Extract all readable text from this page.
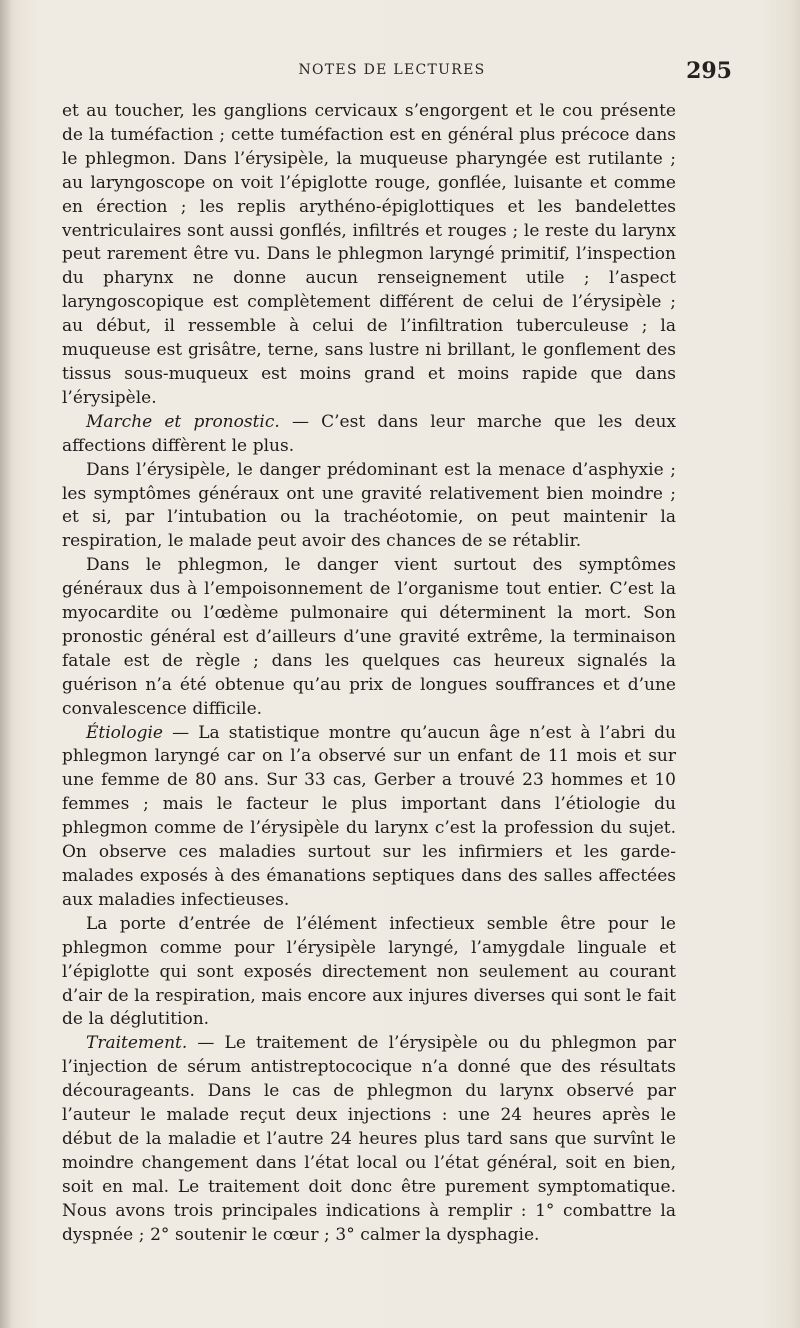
NOTES DE LECTURES	295

et au toucher, les ganglions cervicaux s’engorgent et le cou présente de la tuméfaction ; cette tuméfaction est en général plus précoce dans le phlegmon. Dans l’érysipèle, la muqueuse pharyngée est rutilante ; au laryngoscope on voit l’épiglotte rouge, gonflée, luisante et comme en érection ; les replis arythéno-épiglottiques et les bandelettes ventriculaires sont aussi gonflés, infiltrés et rouges ; le reste du larynx peut rarement être vu. Dans le phlegmon laryngé primitif, l’inspection du pharynx ne donne aucun renseignement utile ; l’aspect laryngoscopique est complètement différent de celui de l’érysipèle ; au début, il ressemble à celui de l’infiltration tuberculeuse ; la muqueuse est grisâtre, terne, sans lustre ni brillant, le gonflement des tissus sous-muqueux est moins grand et moins rapide que dans l’érysipèle.

Marche et pronostic. — C’est dans leur marche que les deux affections diffèrent le plus.

Dans l’érysipèle, le danger prédominant est la menace d’asphyxie ; les symptômes généraux ont une gravité relativement bien moindre ; et si, par l’intubation ou la trachéotomie, on peut maintenir la respiration, le malade peut avoir des chances de se rétablir.

Dans le phlegmon, le danger vient surtout des symptômes généraux dus à l’empoisonnement de l’organisme tout entier. C’est la myocardite ou l’œdème pulmonaire qui déterminent la mort. Son pronostic général est d’ailleurs d’une gravité extrême, la terminaison fatale est de règle ; dans les quelques cas heureux signalés la guérison n’a été obtenue qu’au prix de longues souffrances et d’une convalescence difficile.

Étiologie — La statistique montre qu’aucun âge n’est à l’abri du phlegmon laryngé car on l’a observé sur un enfant de 11 mois et sur une femme de 80 ans. Sur 33 cas, Gerber a trouvé 23 hommes et 10 femmes ; mais le facteur le plus important dans l’étiologie du phlegmon comme de l’érysipèle du larynx c’est la profession du sujet. On observe ces maladies surtout sur les infirmiers et les garde-malades exposés à des émanations septiques dans des salles affectées aux maladies infectieuses.

La porte d’entrée de l’élément infectieux semble être pour le phlegmon comme pour l’érysipèle laryngé, l’amygdale linguale et l’épiglotte qui sont exposés directement non seulement au courant d’air de la respiration, mais encore aux injures diverses qui sont le fait de la déglutition.

Traitement. — Le traitement de l’érysipèle ou du phlegmon par l’injection de sérum antistreptococique n’a donné que des résultats décourageants. Dans le cas de phlegmon du larynx observé par l’auteur le malade reçut deux injections : une 24 heures après le début de la maladie et l’autre 24 heures plus tard sans que survînt le moindre changement dans l’état local ou l’état général, soit en bien, soit en mal. Le traitement doit donc être purement symptomatique. Nous avons trois principales indications à remplir : 1° combattre la dyspnée ; 2° soutenir le cœur ; 3° calmer la dysphagie.
